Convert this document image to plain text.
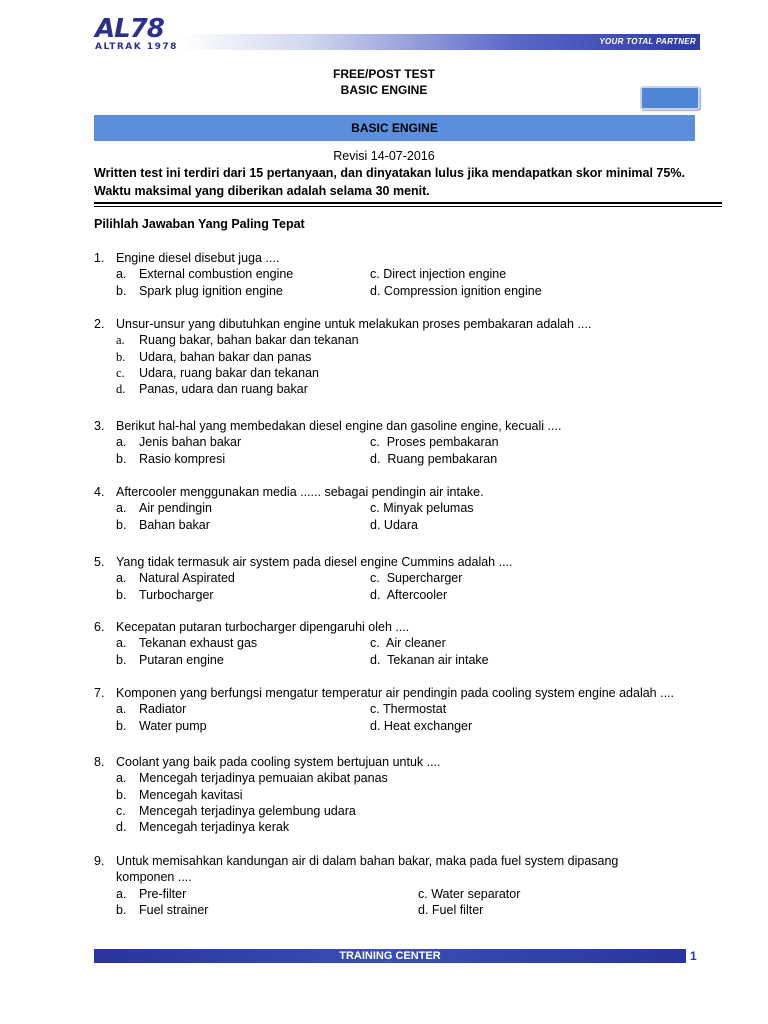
AL78
ALTRAK 1978
YOUR TOTAL PARTNER
FREE/POST TEST
BASIC ENGINE
BASIC ENGINE
Revisi 14-07-2016
Written test ini terdiri dari 15 pertanyaan, dan dinyatakan lulus jika mendapatkan skor minimal 75%.
Waktu maksimal yang diberikan adalah selama 30 menit.
Pilihlah Jawaban Yang Paling Tepat
1. Engine diesel disebut juga ....
a. External combustion engine	c. Direct injection engine
b. Spark plug ignition engine	d. Compression ignition engine
2. Unsur-unsur yang dibutuhkan engine untuk melakukan proses pembakaran adalah ....
a. Ruang bakar, bahan bakar dan tekanan
b. Udara, bahan bakar dan panas
c. Udara, ruang bakar dan tekanan
d. Panas, udara dan ruang bakar
3. Berikut hal-hal yang membedakan diesel engine dan gasoline engine, kecuali ....
a. Jenis bahan bakar	c. Proses pembakaran
b. Rasio kompresi	d. Ruang pembakaran
4. Aftercooler menggunakan media ...... sebagai pendingin air intake.
a. Air pendingin	c. Minyak pelumas
b. Bahan bakar	d. Udara
5. Yang tidak termasuk air system pada diesel engine Cummins adalah ....
a. Natural Aspirated	c. Supercharger
b. Turbocharger	d. Aftercooler
6. Kecepatan putaran turbocharger dipengaruhi oleh ....
a. Tekanan exhaust gas	c. Air cleaner
b. Putaran engine	d. Tekanan air intake
7. Komponen yang berfungsi mengatur temperatur air pendingin pada cooling system engine adalah ....
a. Radiator	c. Thermostat
b. Water pump	d. Heat exchanger
8. Coolant yang baik pada cooling system bertujuan untuk ....
a. Mencegah terjadinya pemuaian akibat panas
b. Mencegah kavitasi
c. Mencegah terjadinya gelembung udara
d. Mencegah terjadinya kerak
9. Untuk memisahkan kandungan air di dalam bahan bakar, maka pada fuel system dipasang
komponen ....
a. Pre-filter	c. Water separator
b. Fuel strainer	d. Fuel filter
TRAINING CENTER	1
